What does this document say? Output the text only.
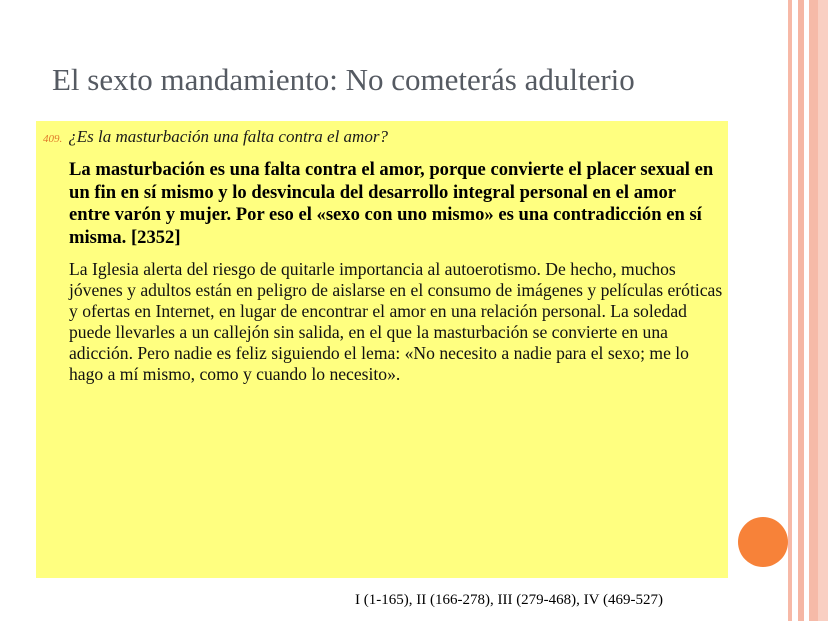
El sexto mandamiento: No cometerás adulterio
409. ¿Es la masturbación una falta contra el amor?
La masturbación es una falta contra el amor, porque convierte el placer sexual en un fin en sí mismo y lo desvincula del desarrollo integral personal en el amor entre varón y mujer. Por eso el «sexo con uno mismo» es una contradicción en sí misma. [2352]
La Iglesia alerta del riesgo de quitarle importancia al autoerotismo. De hecho, muchos jóvenes y adultos están en peligro de aislarse en el consumo de imágenes y películas eróticas y ofertas en Internet, en lugar de encontrar el amor en una relación personal. La soledad puede llevarles a un callejón sin salida, en el que la masturbación se convierte en una adicción. Pero nadie es feliz siguiendo el lema: «No necesito a nadie para el sexo; me lo hago a mí mismo, como y cuando lo necesito».
I (1-165), II (166-278), III (279-468), IV (469-527)
